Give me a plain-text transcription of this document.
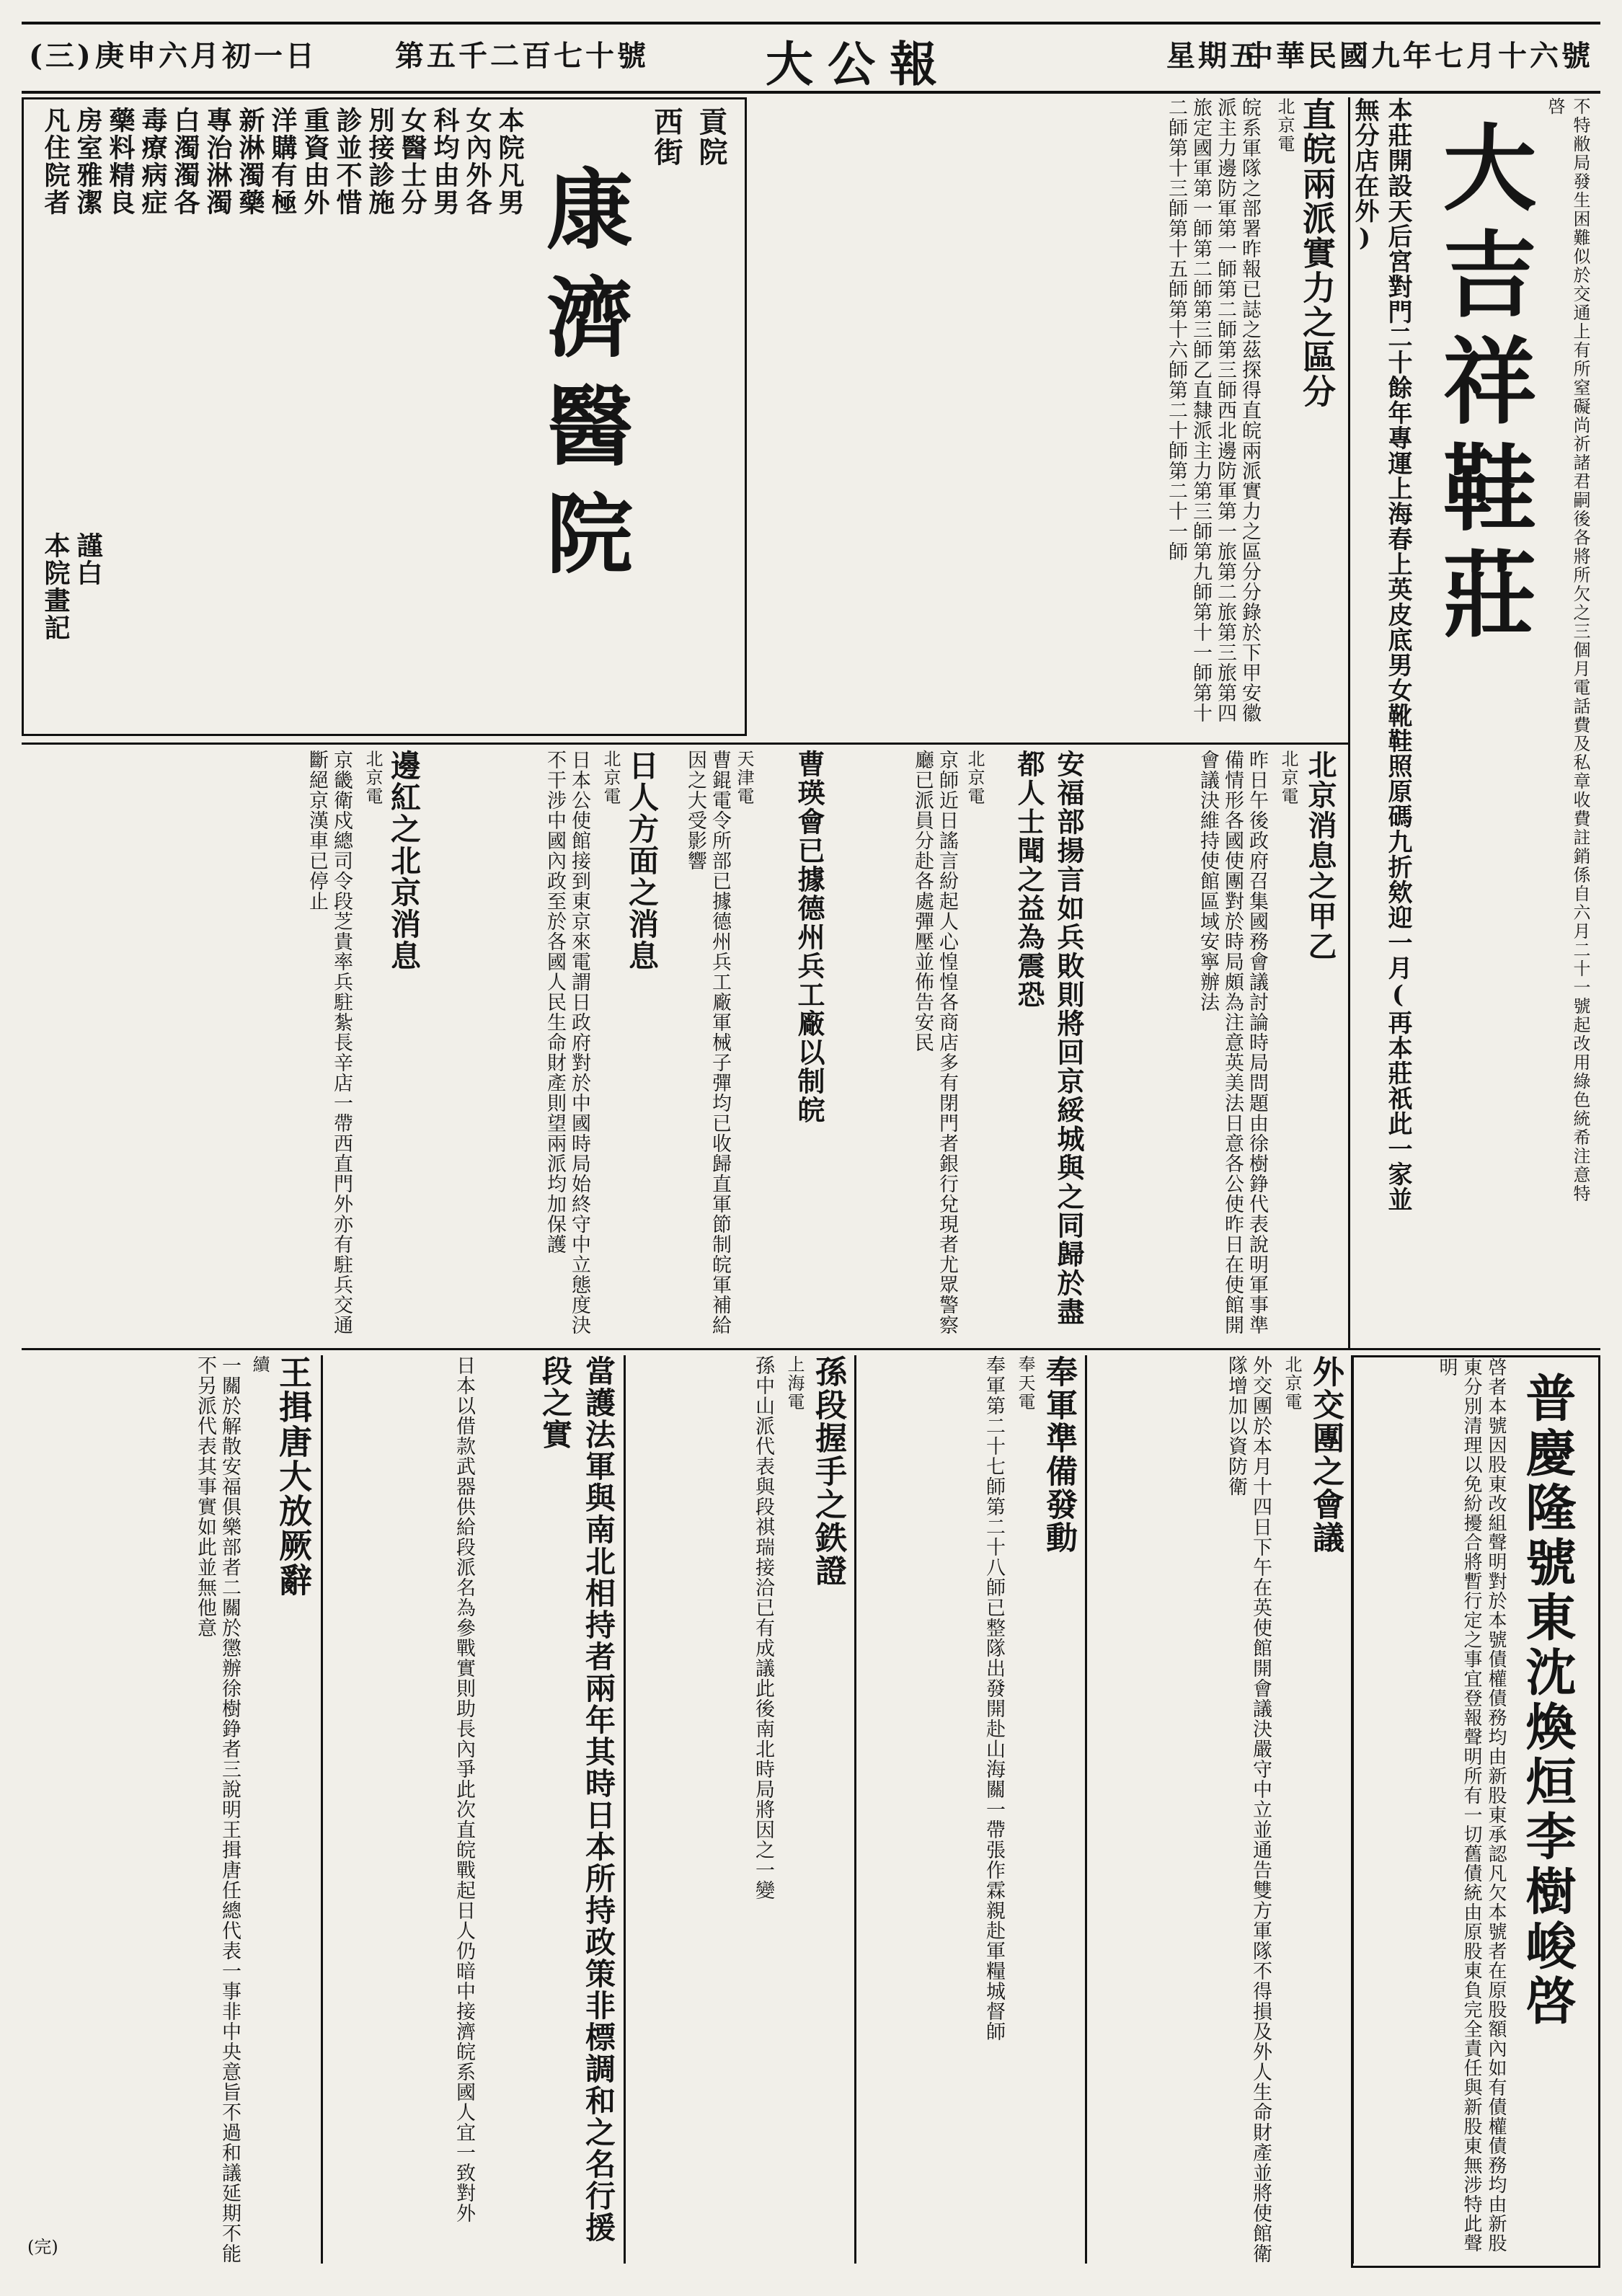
中華民國九年七月十六號
星期五
大公報
第五千二百七十號
庚申六月初一日
(三)
大吉祥鞋莊	不特敝局發生困難似於交通上有所窒礙尚祈諸君嗣後各將所欠之三個月電話費及私章收費註銷係自六月二十一號起改用綠色統希注意特啓
本莊開設天后宮對門二十餘年專運上海春上英皮底男女靴鞋照原碼九折欸迎一月(再本莊祇此一家並無分店在外)
貢院
西街
康濟醫院
本院凡男
女內外各
科均由男
女醫士分
別接診施
診並不惜
重資由外
洋購有極
新淋濁藥
專治淋濁
白濁濁各
毒療病症
藥料精良
房室雅潔
凡住院者
本院畫記 謹白
直皖兩派實力之區分
北京電
皖系軍隊之部署昨報已誌之茲探得直皖兩派實力之區分分錄於下甲安徽派主力邊防軍第一師第二師第三師西北邊防軍第一旅第二旅第三旅第四旅定國軍第一師第二師第三師乙直隸派主力第三師第九師第十一師第十二師第十三師第十五師第十六師第二十師第二十一師
邊紅之北京消息
北京電
京畿衛戍總司令段芝貴率兵駐紮長辛店一帶西直門外亦有駐兵交通斷絕京漢車已停止	日人方面之消息
北京電
日本公使館接到東京來電謂日政府對於中國時局始終守中立態度決不干涉中國內政至於各國人民生命財產則望兩派均加保護	曹瑛會已據德州兵工廠以制皖
天津電
曹錕電令所部已據德州兵工廠軍械子彈均已收歸直軍節制皖軍補給因之大受影響	安福部揚言如兵敗則將回京綏城與之同歸於盡都人士聞之益為震恐
北京電
京師近日謠言紛起人心惶惶各商店多有閉門者銀行兌現者尤眾警察廳已派員分赴各處彈壓並佈告安民	北京消息之甲乙
北京電
昨日午後政府召集國務會議討論時局問題由徐樹錚代表說明軍事準備情形各國使團對於時局頗為注意英美法日意各公使昨日在使館開會議決維持使館區域安寧辦法
普慶隆號東沈煥烜李樹峻啓
啓者本號因股東改組聲明對於本號債權債務均由新股東承認凡欠本號者在原股額內如有債權債務均由新股東分別清理以免紛擾合將暫行定之事宜登報聲明所有一切舊債統由原股東負完全責任與新股東無涉特此聲明
外交團之會議
北京電
外交團於本月十四日下午在英使館開會議決嚴守中立並通告雙方軍隊不得損及外人生命財產並將使館衛隊增加以資防衛
奉軍準備發動
奉天電
奉軍第二十七師第二十八師已整隊出發開赴山海關一帶張作霖親赴軍糧城督師
孫段握手之鉄證
上海電
孫中山派代表與段祺瑞接洽已有成議此後南北時局將因之一變
當護法軍與南北相持者兩年其時日本所持政策非標調和之名行援段之實
日本以借款武器供給段派名為參戰實則助長內爭此次直皖戰起日人仍暗中接濟皖系國人宜一致對外
王揖唐大放厥辭
續
一關於解散安福俱樂部者二關於懲辦徐樹錚者三說明王揖唐任總代表一事非中央意旨不過和議延期不能不另派代表其事實如此並無他意
(完)
